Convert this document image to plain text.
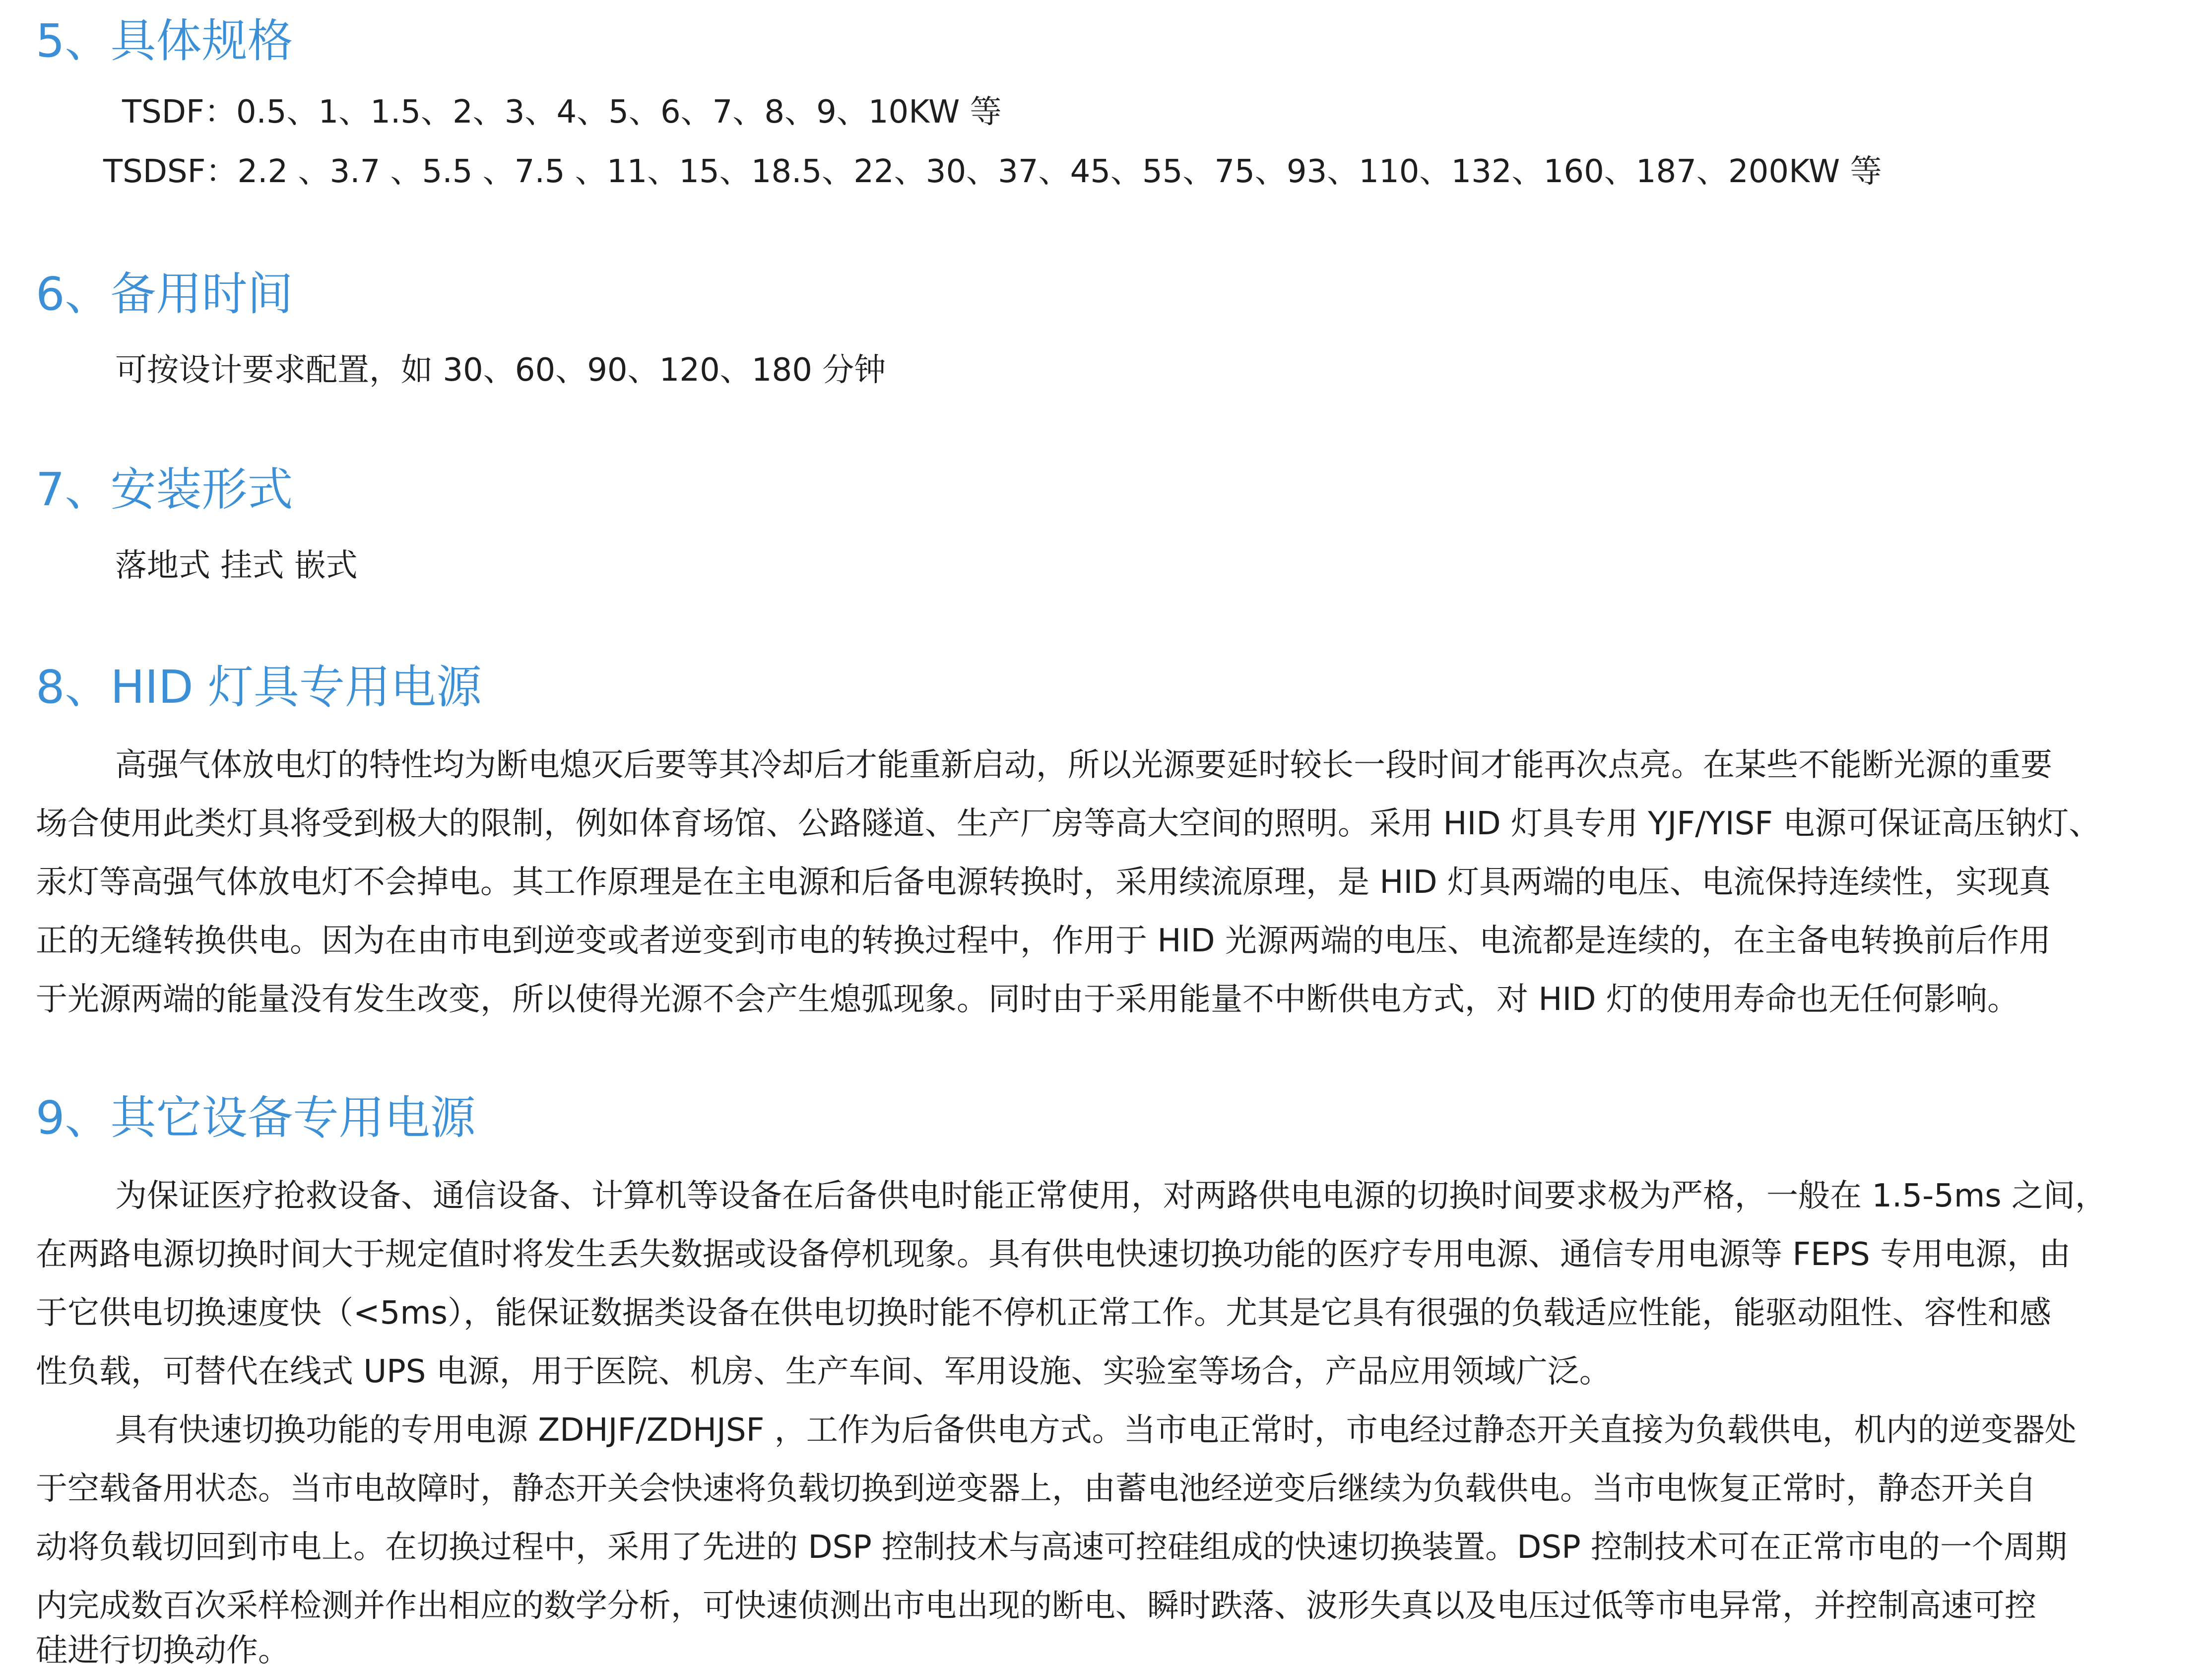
5、具体规格

TSDF：0.5、1、1.5、2、3、4、5、6、7、8、9、10KW 等

TSDSF：2.2 、3.7 、5.5 、7.5 、11、15、18.5、22、30、37、45、55、75、93、110、132、160、187、200KW 等

6、备用时间

可按设计要求配置，如 30、60、90、120、180 分钟

7、安装形式

落地式 挂式 嵌式

8、HID 灯具专用电源

高强气体放电灯的特性均为断电熄灭后要等其冷却后才能重新启动，所以光源要延时较长一段时间才能再次点亮。在某些不能断光源的重要

场合使用此类灯具将受到极大的限制，例如体育场馆、公路隧道、生产厂房等高大空间的照明。采用 HID 灯具专用 YJF/YISF 电源可保证高压钠灯、

汞灯等高强气体放电灯不会掉电。其工作原理是在主电源和后备电源转换时，采用续流原理，是 HID 灯具两端的电压、电流保持连续性，实现真

正的无缝转换供电。因为在由市电到逆变或者逆变到市电的转换过程中，作用于 HID 光源两端的电压、电流都是连续的，在主备电转换前后作用

于光源两端的能量没有发生改变，所以使得光源不会产生熄弧现象。同时由于采用能量不中断供电方式，对 HID 灯的使用寿命也无任何影响。

9、其它设备专用电源

为保证医疗抢救设备、通信设备、计算机等设备在后备供电时能正常使用，对两路供电电源的切换时间要求极为严格，一般在 1.5-5ms 之间，

在两路电源切换时间大于规定值时将发生丢失数据或设备停机现象。具有供电快速切换功能的医疗专用电源、通信专用电源等 FEPS 专用电源，由

于它供电切换速度快（<5ms），能保证数据类设备在供电切换时能不停机正常工作。尤其是它具有很强的负载适应性能，能驱动阻性、容性和感

性负载，可替代在线式 UPS 电源，用于医院、机房、生产车间、军用设施、实验室等场合，产品应用领域广泛。

具有快速切换功能的专用电源 ZDHJF/ZDHJSF ，工作为后备供电方式。当市电正常时，市电经过静态开关直接为负载供电，机内的逆变器处

于空载备用状态。当市电故障时，静态开关会快速将负载切换到逆变器上，由蓄电池经逆变后继续为负载供电。当市电恢复正常时，静态开关自

动将负载切回到市电上。在切换过程中，采用了先进的 DSP 控制技术与高速可控硅组成的快速切换装置。DSP 控制技术可在正常市电的一个周期

内完成数百次采样检测并作出相应的数学分析，可快速侦测出市电出现的断电、瞬时跌落、波形失真以及电压过低等市电异常，并控制高速可控

硅进行切换动作。
